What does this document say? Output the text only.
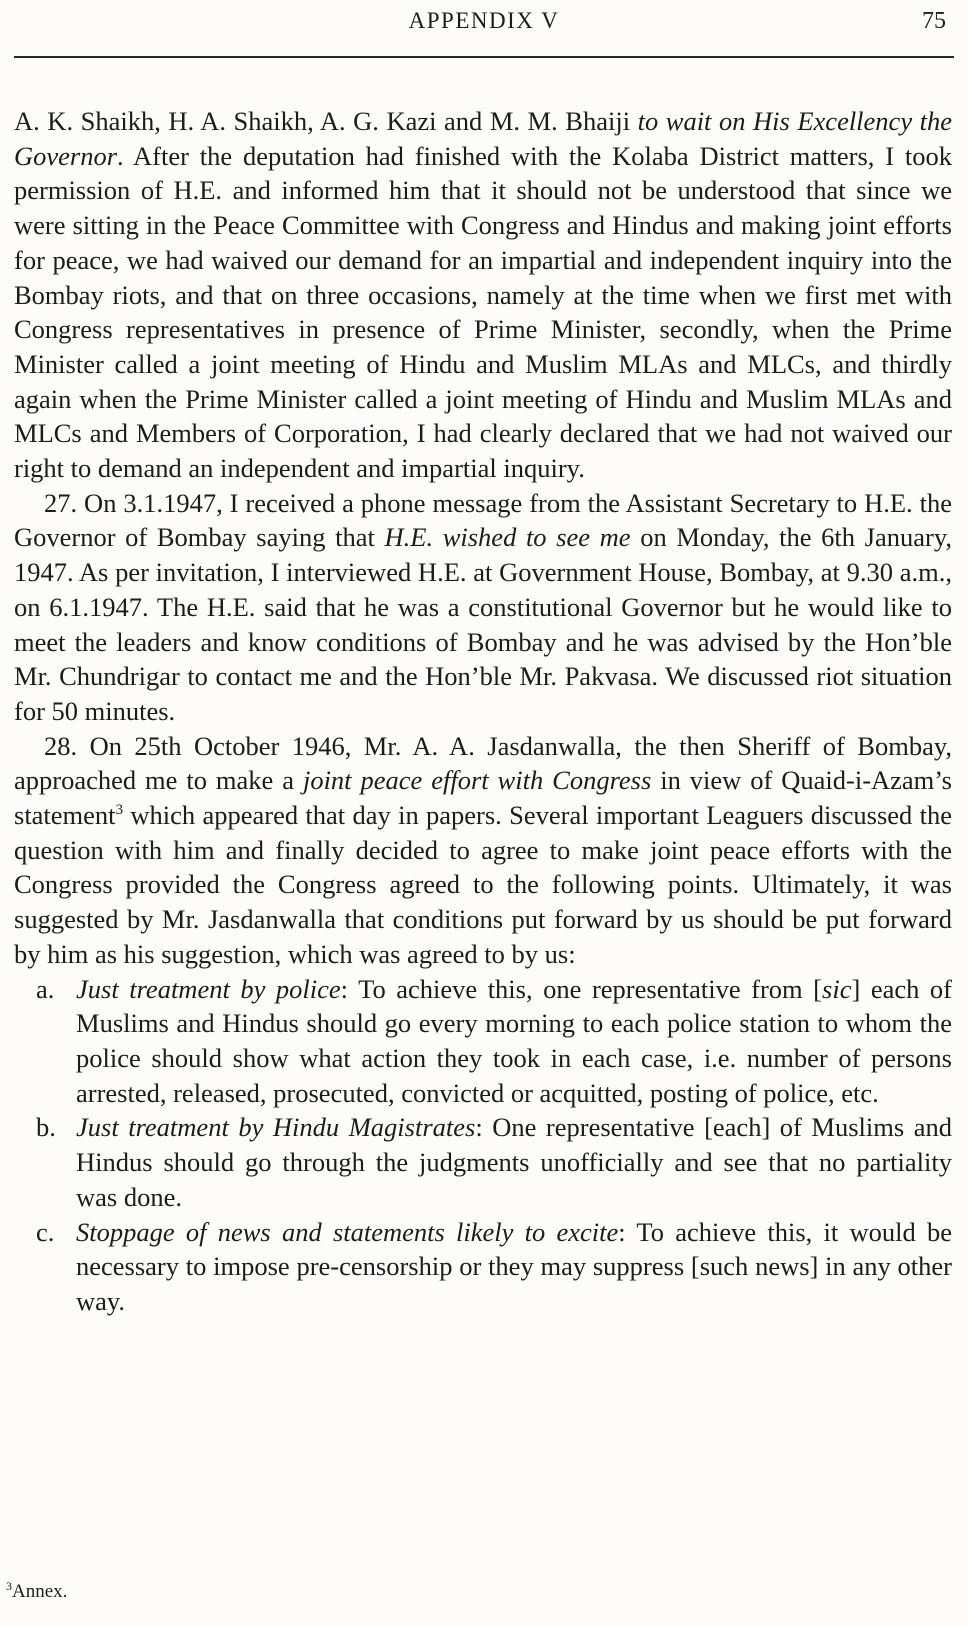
APPENDIX V	75

A. K. Shaikh, H. A. Shaikh, A. G. Kazi and M. M. Bhaiji to wait on His Excellency the Governor. After the deputation had finished with the Kolaba District matters, I took permission of H.E. and informed him that it should not be understood that since we were sitting in the Peace Committee with Congress and Hindus and making joint efforts for peace, we had waived our demand for an impartial and independent inquiry into the Bombay riots, and that on three occasions, namely at the time when we first met with Congress representatives in presence of Prime Minister, secondly, when the Prime Minister called a joint meeting of Hindu and Muslim MLAs and MLCs, and thirdly again when the Prime Minister called a joint meeting of Hindu and Muslim MLAs and MLCs and Members of Corporation, I had clearly declared that we had not waived our right to demand an independent and impartial inquiry.

27. On 3.1.1947, I received a phone message from the Assistant Secretary to H.E. the Governor of Bombay saying that H.E. wished to see me on Monday, the 6th January, 1947. As per invitation, I interviewed H.E. at Government House, Bombay, at 9.30 a.m., on 6.1.1947. The H.E. said that he was a constitutional Governor but he would like to meet the leaders and know conditions of Bombay and he was advised by the Hon’ble Mr. Chundrigar to contact me and the Hon’ble Mr. Pakvasa. We discussed riot situation for 50 minutes.

28. On 25th October 1946, Mr. A. A. Jasdanwalla, the then Sheriff of Bombay, approached me to make a joint peace effort with Congress in view of Quaid-i-Azam’s statement$^3$ which appeared that day in papers. Several important Leaguers discussed the question with him and finally decided to agree to make joint peace efforts with the Congress provided the Congress agreed to the following points. Ultimately, it was suggested by Mr. Jasdanwalla that conditions put forward by us should be put forward by him as his suggestion, which was agreed to by us:

a. Just treatment by police: To achieve this, one representative from [sic] each of Muslims and Hindus should go every morning to each police station to whom the police should show what action they took in each case, i.e. number of persons arrested, released, prosecuted, convicted or acquitted, posting of police, etc.
b. Just treatment by Hindu Magistrates: One representative [each] of Muslims and Hindus should go through the judgments unofficially and see that no partiality was done.
c. Stoppage of news and statements likely to excite: To achieve this, it would be necessary to impose pre-censorship or they may suppress [such news] in any other way.
$^3$Annex.
